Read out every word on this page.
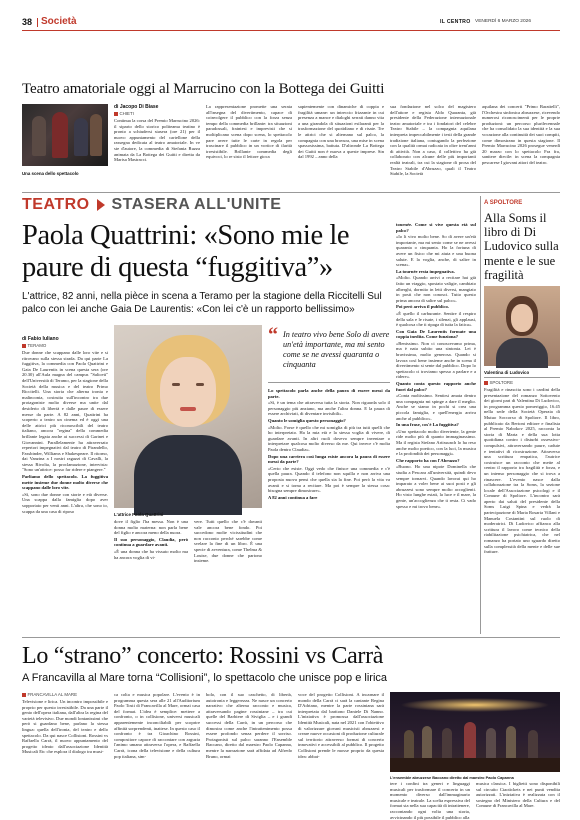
38 Società	IL CENTRO VENERDÌ 6 MARZO 2026
Teatro amatoriale oggi al Marrucino con la Bottega dei Guitti
Una scena dello spettacolo
di Jacopo Di Biase
CHIETI
Continua la corsa del Premio Marrucino 2026: il sipario dello storico politeama teatino è pronto a schiudersi stasera (ore 21) per il nuovo appuntamento del cartellone della rassegna dedicata al teatro amatoriale. In ve ste d'autore, la commedia di Stefania Ruzza animata da La Bottega dei Guitti e diretta da Marisa Mastracci.
La rappresentazione promette una serata all'insegna del divertimento, capace di coinvolgere il pubblico con la forza senza tempo della commedia brillante: tra situazioni paradossali, fraintesi e imprevisti che si moltiplicano scena dopo scena, lo spettacolo pare avere tutte le carte in regola per trascinare il pubblico in un vortice di ilarità irresistibile. Brillante commedia degli equivoci, lo re sisto il lettore gioca
sapientemente con dinamiche di coppia e fragilità umane: un intreccio frizzante in cui presenza a mance e dialoghi serrati danno vita a una girandola di situazioni esilaranti per la trasformazione del quotidiano e di risate. Tre le attrici che si alternano sul palco, la compagnia con una bravura, una mise in scena spassosissima, battuta. D'altronde La Bottega dei Guitti non è nuova a queste imprese. Sin dal 1992 – anno della
sua fondazione nel solco del magistero dell'attore e regista Aldo Quaranta, già presidente della Federazione internazionale teatro amatoriale e tra i fondatori del celebre Teatro Stabile – la compagnia aquilana interpreta impeccabilmente i testi della grande tradizione italiana, coniugando la perfezione con la qualità ormai radicata in oltre trent'anni di attività. Non a caso, il collettivo ha già collaborato con alcune delle più importanti realtà teatrali, tra cui la stagione di prosa del Teatro Stabile d'Abruzzo, quali il Teatro Stabile, la Società
aquilana dei concerti "Primo Barattelli", l'Orchestra sinfonica abruzzese, ricevendo numerosi riconoscimenti per le proprie produzioni: un percorso plurilecennale che ha consolidato la sua identità e la sua vocazione alla continuità dei suoi compiti, come dimostrano in questa stagione. Il Premio Marrucino 2026 prosegue venerdì 20 marzo con lo spettacolo Fra fra, sanitere diecile: in scena la compagnia pescarese I giovani attori del teatro.
TEATRO STASERA ALL'UNITE
Paola Quattrini: «Sono mie le paure di questa “fuggitiva”»
L'attrice, 82 anni, nella pièce in scena a Teramo per la stagione della Riccitelli Sul palco con lei anche Gaia De Laurentis: «Con lei c'è un rapporto bellissimo»
di Fabio Iuliano
TERAMO

Due donne che scappano dalle loro vite e si ritrovano sulla stessa strada. Da qui parte La fuggitiva, la commedia con Paola Quattrini e Gaia De Laurentis in scena questa sera (ore 20.30) all'Aula magna del campus "Saliceti" dell'Università di Teramo, per la stagione della Società della musica e del teatro Primo Riccitelli. Una storia che alterna ironia e malinconia, costruita sull'incontro tra due protagoniste molto diverse ma unite dal desiderio di libertà e dalle paure di essere messe da parte. A 82 anni, Quattrini ha scoperto a teatro un cinema ed è oggi una delle attrici più riconoscibili del teatro italiano, ancora "regina" della commedia brillante legata anche ai successi di Garinei e Giovannini. Parallelamente ha attraversato repertori impegnativi dal teatro di Pirandello, Fassbinder, Williams e Shakespeare. Il ritorno, dai Vanzina a I nostri ragazzi di Cavalli, la stessa Rivolta, la proclamazione, intervista: "Sono un'attrice: posso far ridere e piangere."

Parliamo dello spettacolo. La fuggitiva mette insieme due donne molto diverse che scappano dalle loro vite.

«Sì, sono due donne con storie e età diverse. Una scappa dalla famiglia dopo aver sopportato per venti anni. L'altra, che sono io, scappa da una casa di riposo

L'attrice Paola Quattrini

dove il figlio l'ha messa. Non è una donna molto materna: non parla bene del figlio e ancora meno della nuora.

Il suo personaggio, Claudia, però continua a guardare avanti.

«È una donna che ha vissuto molto ma ha ancora voglia di vi-

“ In teatro vivo bene Solo di avere un'età importante, ma mi sento come se ne avessi quaranta o cinquanta

vere. Tutti quello che c'è davanti vale ancora bene fondo. Poi succedono molte vicissitudini che non racconto perché sarebbe come svelare la fine di un libro. È una specie di avventura, come Thelma & Louise, due donne che partono insieme.

Lo spettacolo parla anche della paura di essere messi da parte.

«Sì, è un tema che attraversa tutta la storia. Non riguarda solo il personaggio più anziano, ma anche l'altra donna. E la paura di essere archiviati, di diventare invisibili».

Quanto le somiglia questo personaggio?

«Molto. Forse è quello che mi somiglia di più tra tutti quelli che ho interpretato. Ha la mia età e la stessa voglia di vivere, di guardare avanti. In altri ruoli dovevo sempre inventare o interpretare qualcosa molto diverso da me. Qui invece c'è molta Paola dentro Claudia».

Dopo una carriera così lunga esiste ancora la paura di essere messi da parte?

«Certo che esiste. Oggi vedo che finisce una commedia e c'è quella paura. Quando il telefono non squilla e non arriva una proposta nuova pensi che quella sia la fine. Poi però la vita va avanti e si torna a recitare. Ma poi è sempre la stessa cosa: bisogna sempre dimostrare».

A 82 anni continua a fare

tournée. Come si vive questa età sul palco?

«Io li vivo molto bene. So di avere un'età importante, ma mi sento come se ne avessi quaranta o cinquanta. Ho la fortuna di avere un fisico che mi aiuta e una buona salute. E la voglia, anche, di salire in scena».

La tournée resta impegnativa.

«Molto. Quando arrivi a recitare hai già fatto un viaggio, spostato valigie, cambiato alberghi, dormito in letti diversi, mangiato in posti che non conosci. Tutto questo prima ancora di salire sul palco».

Poi però arriva il pubblico.

«È quello il carburante. Sentire il respiro della sala e le risate, i silenzi, gli applausi, è qualcosa che ti ripaga di tutta la fatica».

Con Gaia De Laurentis formate una coppia inedita. Come funziona?

«Benissimo. Non ci conoscevamo prima, ma è nata subito una sintonia. Lei è bravissima, molto generosa. Quando si lavora così bene insieme anche in scena il divertimento si sente dal pubblico. Dopo lo spettacolo ci troviamo spesso a parlare e a ridere».

Quanto conta questo rapporto anche fuori dal palco?

«Conta moltissimo. Sentirsi amata dentro una compagnia mi spinge a dare il meglio. Anche se siamo in pochi si crea una piccola famiglia, e quell'energia arriva anche al pubblico».

In una frase, cos'è La fuggitiva?

«Uno spettacolo molto divertente, la gente ride molto più di quanto immaginassimo. Ma il regista Stefano Artissunch lo ha reso anche molto poetico, con la luci, la musica e la profondità dei personaggi».

Che rapporto ha con l'Abruzzo?

«Buono. Ho una nipote Dominella che studia a Pescara all'università, quindi devo sempre tornarvi. Quando lavorai qui ho imparato a voler bene ai suoi posti e gli abruzzesi sono sempre molto accoglienti. Ho visto lunghe estati, la luce e il mare, la gente, un'accoglienza che ti resta. Ci vado spesso e mi trovo bene».

A SPOLTORE
Alla Soms il libro di Di Ludovico sulla mente e le sue fragilità
Valentina di Ludovico
SPOLTORE
Fragilità e rinascita sono i cardini della presentazione del romanzo Sottovento dei giorni pari di Valentina Di Ludovico, in programma questo pomeriggio, 16.45 nella sede della Società Operaia di Mutuo Soccorso di Spoltore. Il libro, pubblicato da Bertoni editore e finalista al Premio Nabokov 2025, racconta la storia di Marta e della sua lotta quotidiana contro i disturbi ossessivo-compulsivi, attraversando paure, cadute e tentativi di ricostruzione. Attraverso una scrittura empatica, l'autrice costruisce un racconto che mette al centro il rapporto tra fragilità e forza, e un intenso personaggio che si trova a rinascere. L'evento nasce dalla collaborazione tra la Soms, la sezione locale dell'Associazione psicologi e il Comune di Spoltore. L'incontro sarà aperto dai saluti del presidente della Soms Luigi Spina e vedrà la partecipazione di Maria Rosaria Villani e Manuela Costantini sul ruolo di moderatrici. Di Ludovico affianca alla scrittura il lavoro come tecnico della riabilitazione psichiatrica, che nel romanzo ha portato uno sguardo diretto sulla complessità della mente e delle sue fratture.
Lo “strano” concerto: Rossini vs Carrà
A Francavilla al Mare torna “Collisioni”, lo spettacolo che unisce pop e lirica
FRANCAVILLA AL MARE
Televisione e lirica. Un incontro impossibile e proprio per questo irresistibile. Da una parte il genio dell'opera italiana, dall'altra la regina del varietà televisivo. Due mondi lontanissimi che però si guardano bene, parlano la stessa lingua: quella dell'ironia, del teatro e dello spettacolo. Da qui nasce Collisioni. Rossini vs Raffaella Carrà, il nuovo appuntamento del progetto ideato dall'associazione Identità Musicali Etc che esplora il dialogo tra musi-
ca colta e musica popolare. L'evento è in programma questa sera alle 21 all'Auditorium Paolo Tosti di Francavilla al Mare, ormai casa del format. L'idea è semplice: mettere a confronto, o in collisione, universi musicali apparentemente inconciliabili per scoprire affinità sorprendenti, inattese. In questo caso il confronto è tra Gioachino Rossini, compositore capace di raccontare con arguzia l'animo umano attraverso l'opera, e Raffaella Carrà, icona della televisione e della cultura pop italiana, sim-
bolo, con il suo caschetto, di libertà, autoironia e leggerezza. Ne nasce un concerto narrativo che alterna racconto e musica, attraversando pagine rossiniane – tra cui quelle del Barbiere di Siviglia – e i grandi successi della Carrà, in un percorso che dimostra come anche l'intrattenimento possa essere profondo senza perdere il sorriso. Protagonisti sul palco saranno l'Ensemble Baccano, diretto dal maestro Paolo Capanna, mentre la narrazione sarà affidata ad Alfredo Bruno, ormai
voce del progetto Collisioni. A incarnare il mondo della Carrà ci sarà la cantante Regina D'Adriano, mentre la parte rossiniana sarà interpretata dal baritono Daniele Di Nanno. L'iniziativa è promossa dall'associazione Identità Musicali, nata nel 2021 con l'obiettivo di valorizzare giovani musicisti abruzzesi e creare nuove occasioni di produzione culturale sul territorio attraverso format di concerto innovativi e accessibili al pubblico. Il progetto Collisioni prende le mosse proprio da questa idea: abbat-
L'ensemble abruzzese Baccano diretto dal maestro Paolo Capanna
tere i confini tra generi e linguaggi musicali per trasformare il concerto in un momento diverso dall'immaginario musicale e teatrale. La scelta espressiva del format sta nella sua capacità di intrattenere, raccontando ogni volta una storia, avvicinando il più possibile il pubblico alla
musica classica. I biglietti sono disponibili sul circuito Ciaotickets e nei punti vendita autorizzati. L'iniziativa è realizzata con il sostegno del Ministero della Cultura e del Comune di Francavilla al Mare.
